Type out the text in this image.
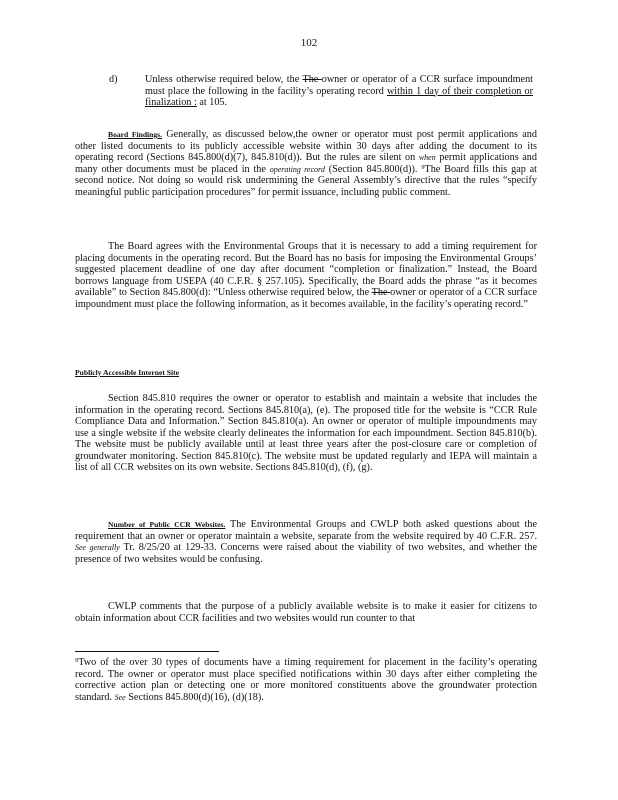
102
d)	Unless otherwise required below, the The owner or operator of a CCR surface impoundment must place the following in the facility’s operating record within 1 day of their completion or finalization : at 105.
Board Findings. Generally, as discussed below,the owner or operator must post permit applications and other listed documents to its publicly accessible website within 30 days after adding the document to its operating record (Sections 845.800(d)(7), 845.810(d)). But the rules are silent on when permit applications and many other documents must be placed in the operating record (Section 845.800(d)). $^9$The Board fills this gap at second notice. Not doing so would risk undermining the General Assembly’s directive that the rules “specify meaningful public participation procedures” for permit issuance, including public comment.
The Board agrees with the Environmental Groups that it is necessary to add a timing requirement for placing documents in the operating record. But the Board has no basis for imposing the Environmental Groups’ suggested placement deadline of one day after document “completion or finalization.” Instead, the Board borrows language from USEPA (40 C.F.R. § 257.105). Specifically, the Board adds the phrase “as it becomes available” to Section 845.800(d): “Unless otherwise required below, the The owner or operator of a CCR surface impoundment must place the following information, as it becomes available, in the facility’s operating record.”
Publicly Accessible Internet Site
Section 845.810 requires the owner or operator to establish and maintain a website that includes the information in the operating record. Sections 845.810(a), (e). The proposed title for the website is “CCR Rule Compliance Data and Information.” Section 845.810(a). An owner or operator of multiple impoundments may use a single website if the website clearly delineates the information for each impoundment. Section 845.810(b). The website must be publicly available until at least three years after the post-closure care or completion of groundwater monitoring. Section 845.810(c). The website must be updated regularly and IEPA will maintain a list of all CCR websites on its own website. Sections 845.810(d), (f), (g).
Number of Public CCR Websites. The Environmental Groups and CWLP both asked questions about the requirement that an owner or operator maintain a website, separate from the website required by 40 C.F.R. 257. See generally Tr. 8/25/20 at 129-33. Concerns were raised about the viability of two websites, and whether the presence of two websites would be confusing.
CWLP comments that the purpose of a publicly available website is to make it easier for citizens to obtain information about CCR facilities and two websites would run counter to that
$^9$Two of the over 30 types of documents have a timing requirement for placement in the facility’s operating record. The owner or operator must place specified notifications within 30 days after either completing the corrective action plan or detecting one or more monitored constituents above the groundwater protection standard. See Sections 845.800(d)(16), (d)(18).
